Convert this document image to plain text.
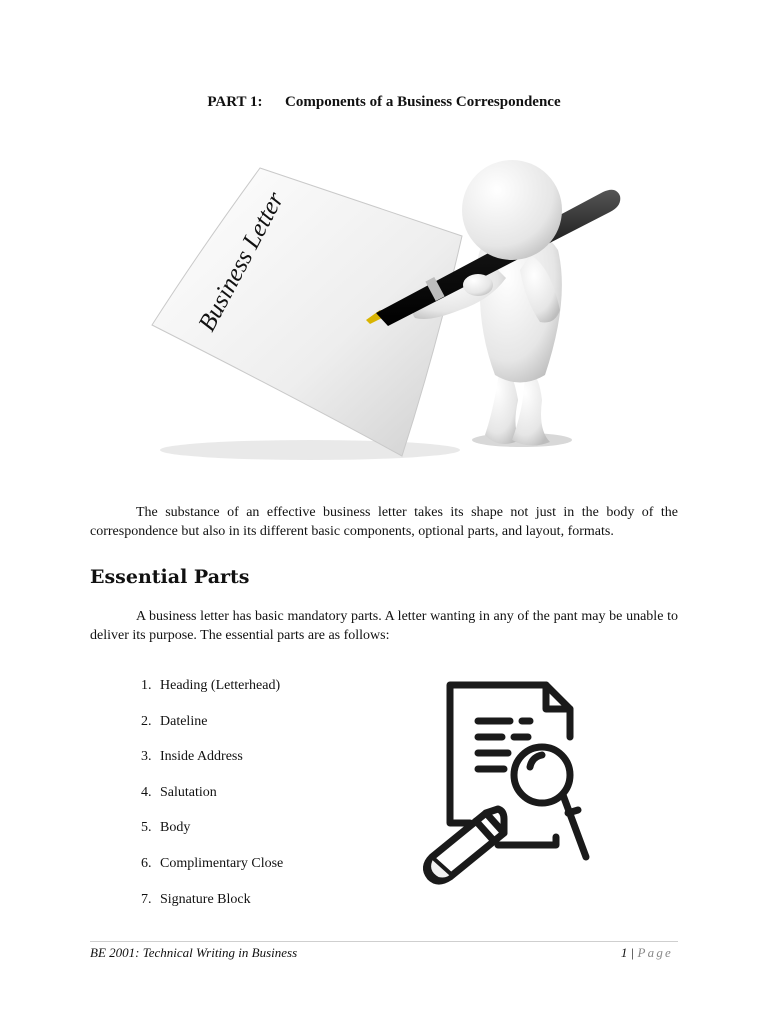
PART 1: Components of a Business Correspondence
Business Letter
The substance of an effective business letter takes its shape not just in the body of the correspondence but also in its different basic components, optional parts, and layout, formats.
Essential Parts
A business letter has basic mandatory parts. A letter wanting in any of the pant may be unable to deliver its purpose. The essential parts are as follows:
1. Heading (Letterhead)
2. Dateline
3. Inside Address
4. Salutation
5. Body
6. Complimentary Close
7. Signature Block
BE 2001: Technical Writing in Business	1 | Page
